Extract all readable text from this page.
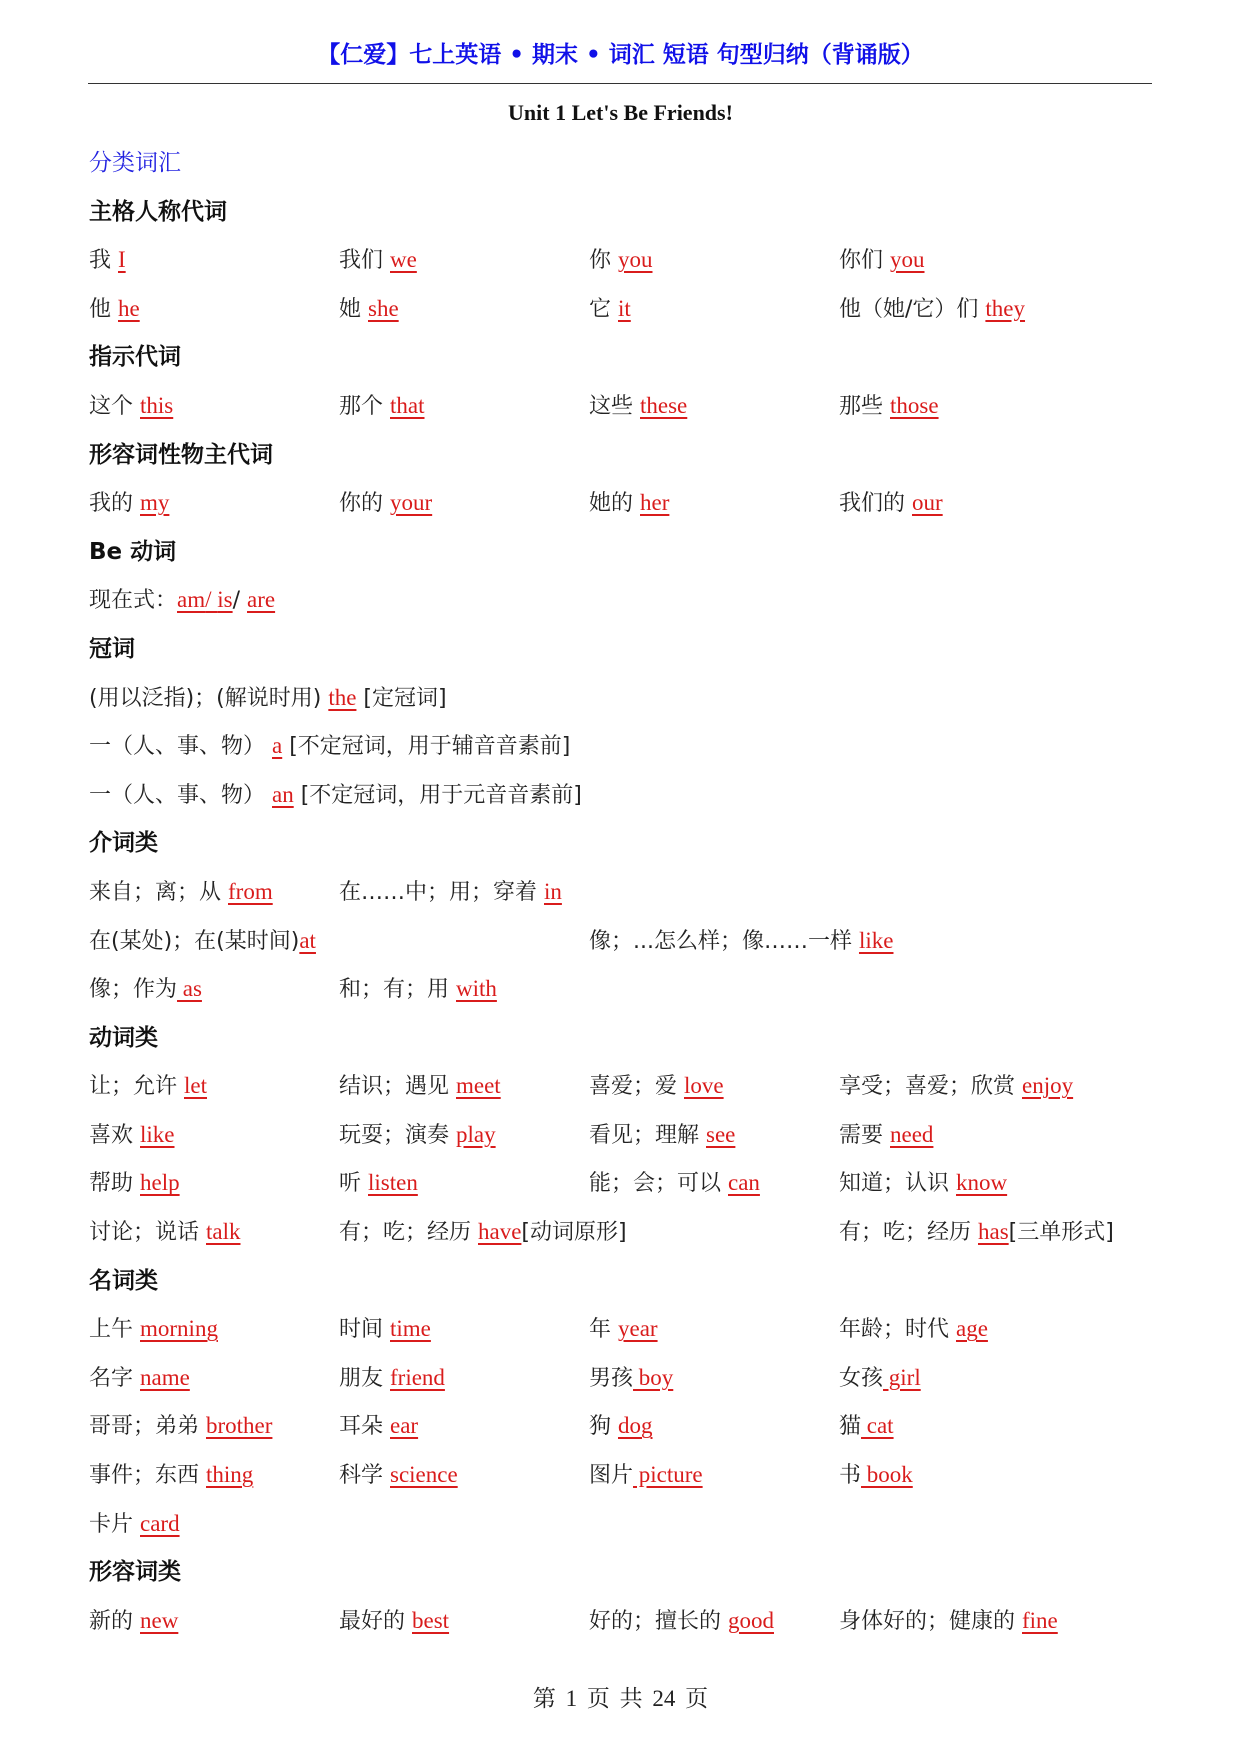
【仁爱】七上英语 • 期末 • 词汇 短语 句型归纳（背诵版）
Unit 1 Let's Be Friends!
分类词汇
主格人称代词
我 I	我们 we	你 you	你们 you
他 he	她 she	它 it	他（她/它）们 they
指示代词
这个 this	那个 that	这些 these	那些 those
形容词性物主代词
我的 my	你的 your	她的 her	我们的 our
Be 动词
现在式：am/ is/ are
冠词
(用以泛指)；(解说时用) the [定冠词]
一（人、事、物） a [不定冠词，用于辅音音素前]
一（人、事、物） an [不定冠词，用于元音音素前]
介词类
来自；离；从 from	在……中；用；穿着 in
在(某处)；在(某时间)at	像；...怎么样；像……一样 like
像；作为 as	和；有；用 with
动词类
让；允许 let	结识；遇见 meet	喜爱；爱 love	享受；喜爱；欣赏 enjoy
喜欢 like	玩耍；演奏 play	看见；理解 see	需要 need
帮助 help	听 listen	能；会；可以 can	知道；认识 know
讨论；说话 talk	有；吃；经历 have[动词原形]	有；吃；经历 has[三单形式]
名词类
上午 morning	时间 time	年 year	年龄；时代 age
名字 name	朋友 friend	男孩 boy	女孩 girl
哥哥；弟弟 brother	耳朵 ear	狗 dog	猫 cat
事件；东西 thing	科学 science	图片 picture	书 book
卡片 card
形容词类
新的 new	最好的 best	好的；擅长的 good	身体好的；健康的 fine
第 1 页 共 24 页
